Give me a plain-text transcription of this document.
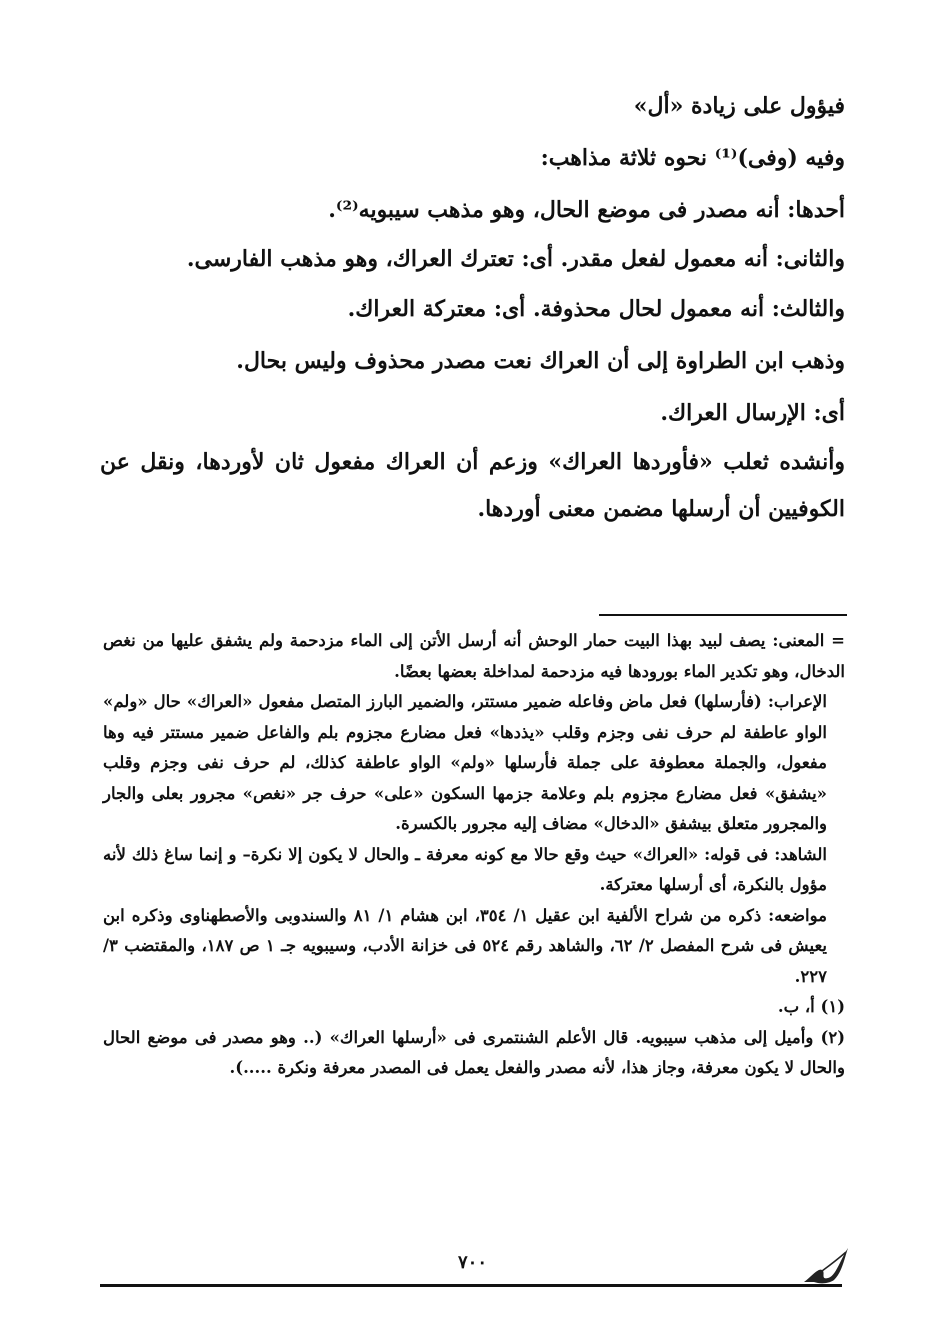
فيؤول على زيادة «أل»

وفيه (وفى)⁽¹⁾ نحوه ثلاثة مذاهب:

أحدها: أنه مصدر فى موضع الحال، وهو مذهب سيبويه⁽²⁾.

والثانى: أنه معمول لفعل مقدر. أى: تعترك العراك، وهو مذهب الفارسى.

والثالث: أنه معمول لحال محذوفة. أى: معتركة العراك.

وذهب ابن الطراوة إلى أن العراك نعت مصدر محذوف وليس بحال.

أى: الإرسال العراك.

وأنشده ثعلب «فأوردها العراك» وزعم أن العراك مفعول ثان لأوردها، ونقل عن الكوفيين أن أرسلها مضمن معنى أوردها.

= المعنى: يصف لبيد بهذا البيت حمار الوحش أنه أرسل الأتن إلى الماء مزدحمة ولم يشفق عليها من نغص الدخال، وهو تكدير الماء بورودها فيه مزدحمة لمداخلة بعضها بعضًا.

الإعراب: (فأرسلها) فعل ماض وفاعله ضمير مستتر، والضمير البارز المتصل مفعول «العراك» حال «ولم» الواو عاطفة لم حرف نفى وجزم وقلب «يذدها» فعل مضارع مجزوم بلم والفاعل ضمير مستتر فيه وها مفعول، والجملة معطوفة على جملة فأرسلها «ولم» الواو عاطفة كذلك، لم حرف نفى وجزم وقلب «يشفق» فعل مضارع مجزوم بلم وعلامة جزمها السكون «على» حرف جر «نغص» مجرور بعلى والجار والمجرور متعلق بيشفق «الدخال» مضاف إليه مجرور بالكسرة.

الشاهد: فى قوله: «العراك» حيث وقع حالا مع كونه معرفة ـ والحال لا يكون إلا نكرة– و إنما ساغ ذلك لأنه مؤول بالنكرة، أى أرسلها معتركة.

مواضعه: ذكره من شراح الألفية ابن عقيل ١/ ٣٥٤، ابن هشام ١/ ٨١ والسندوبى والأصطهناوى وذكره ابن يعيش فى شرح المفصل ٢/ ٦٢، والشاهد رقم ٥٢٤ فى خزانة الأدب، وسيبويه جـ ١ ص ١٨٧، والمقتضب ٣/ ٢٢٧.

(١) أ، ب.

(٢) وأميل إلى مذهب سيبويه. قال الأعلم الشنتمرى فى «أرسلها العراك» (.. وهو مصدر فى موضع الحال والحال لا يكون معرفة، وجاز هذا، لأنه مصدر والفعل يعمل فى المصدر معرفة ونكرة .....).

٧٠٠
